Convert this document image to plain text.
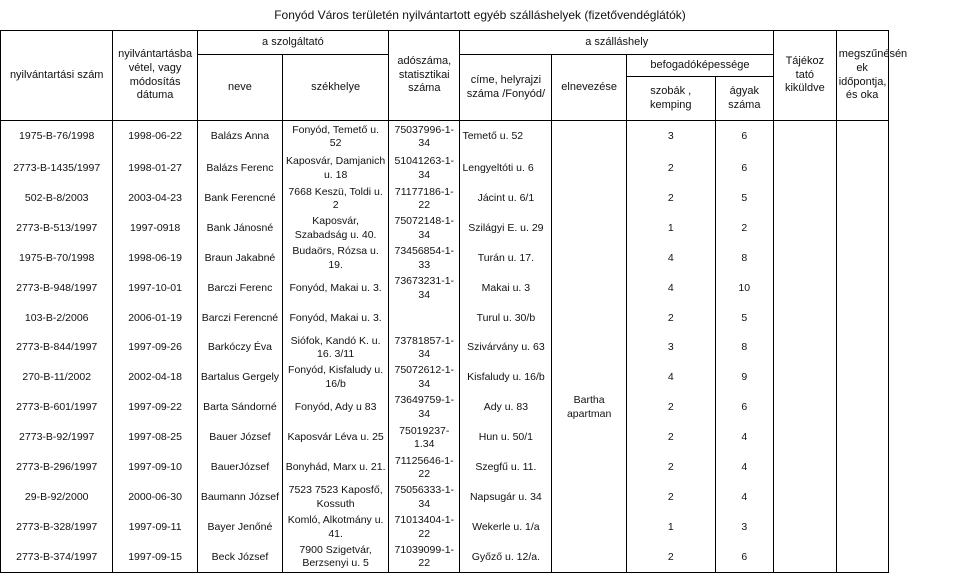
Fonyód Város területén nyilvántartott egyéb szálláshelyek (fizetővendéglátók)
nyilvántartási szám	nyilvántartásba vétel, vagy módosítás dátuma	a szolgáltató		adószáma, statisztikai száma	a szálláshely				Tájékoz tató kiküldve	megszűnésén ek időpontja, és oka
		neve	székhelye		címe, helyrajzi száma /Fonyód/	elnevezése	befogadóképessége			
							szobák , kemping	ágyak száma		
1975-B-76/1998	1998-06-22	Balázs Anna	Fonyód, Temető u. 52	75037996-1-34	Temető u. 52		3	6		
2773-B-1435/1997	1998-01-27	Balázs Ferenc	Kaposvár, Damjanich u. 18	51041263-1-34	Lengyeltóti u. 6		2	6		
502-B-8/2003	2003-04-23	Bank Ferencné	7668 Keszü, Toldi u. 2	71177186-1-22	Jácint u. 6/1		2	5		
2773-B-513/1997	1997-0918	Bank Jánosné	Kaposvár, Szabadság u. 40.	75072148-1-34	Szilágyi E. u. 29		1	2		
1975-B-70/1998	1998-06-19	Braun Jakabné	Budaörs, Rózsa u. 19.	73456854-1-33	Turán u. 17.		4	8		
2773-B-948/1997	1997-10-01	Barczi Ferenc	Fonyód, Makai u. 3.	73673231-1-34	Makai u. 3		4	10		
103-B-2/2006	2006-01-19	Barczi Ferencné	Fonyód, Makai u. 3.		Turul u. 30/b		2	5		
2773-B-844/1997	1997-09-26	Barkóczy Éva	Siófok, Kandó K. u. 16. 3/11	73781857-1-34	Szivárvány u. 63		3	8		
270-B-11/2002	2002-04-18	Bartalus Gergely	Fonyód, Kisfaludy u. 16/b	75072612-1-34	Kisfaludy u. 16/b		4	9		
2773-B-601/1997	1997-09-22	Barta Sándorné	Fonyód, Ady u 83	73649759-1-34	Ady u. 83	Bartha apartman	2	6		
2773-B-92/1997	1997-08-25	Bauer József	Kaposvár Léva u. 25	75019237-1.34	Hun u. 50/1		2	4		
2773-B-296/1997	1997-09-10	BauerJózsef	Bonyhád, Marx u. 21.	71125646-1-22	Szegfű u. 11.		2	4		
29-B-92/2000	2000-06-30	Baumann József	7523 7523 Kaposfő, Kossuth	75056333-1-34	Napsugár u. 34		2	4		
2773-B-328/1997	1997-09-11	Bayer Jenőné	Komló, Alkotmány u. 41.	71013404-1-22	Wekerle u. 1/a		1	3		
2773-B-374/1997	1997-09-15	Beck József	7900 Szigetvár, Berzsenyi u. 5	71039099-1-22	Győző u. 12/a.		2	6		
